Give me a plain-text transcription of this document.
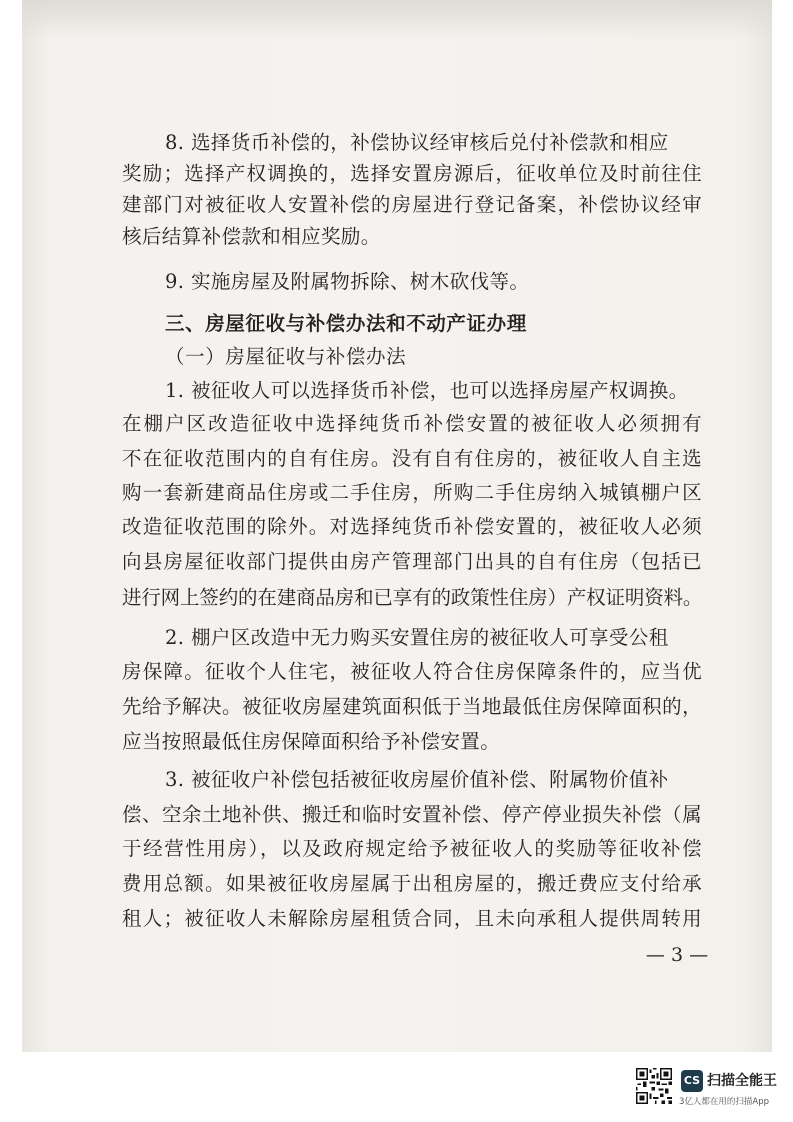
8. 选择货币补偿的，补偿协议经审核后兑付补偿款和相应
建部门对被征收人安置补偿的房屋进行登记备案，补偿协议经审
奖励；选择产权调换的，选择安置房源后，征收单位及时前往住
核后结算补偿款和相应奖励。
9. 实施房屋及附属物拆除、树木砍伐等。
三、房屋征收与补偿办法和不动产证办理
（一）房屋征收与补偿办法
1. 被征收人可以选择货币补偿，也可以选择房屋产权调换。
在棚户区改造征收中选择纯货币补偿安置的被征收人必须拥有
不在征收范围内的自有住房。没有自有住房的，被征收人自主选
购一套新建商品住房或二手住房，所购二手住房纳入城镇棚户区
改造征收范围的除外。对选择纯货币补偿安置的，被征收人必须
向县房屋征收部门提供由房产管理部门出具的自有住房（包括已
进行网上签约的在建商品房和已享有的政策性住房）产权证明资料。
2. 棚户区改造中无力购买安置住房的被征收人可享受公租
房保障。征收个人住宅，被征收人符合住房保障条件的，应当优
先给予解决。被征收房屋建筑面积低于当地最低住房保障面积的，
应当按照最低住房保障面积给予补偿安置。
3. 被征收户补偿包括被征收房屋价值补偿、附属物价值补
偿、空余土地补供、搬迁和临时安置补偿、停产停业损失补偿（属
于经营性用房），以及政府规定给予被征收人的奖励等征收补偿
费用总额。如果被征收房屋属于出租房屋的，搬迁费应支付给承
租人；被征收人未解除房屋租赁合同，且未向承租人提供周转用
— 3 —
CS 扫描全能王
3亿人都在用的扫描App
